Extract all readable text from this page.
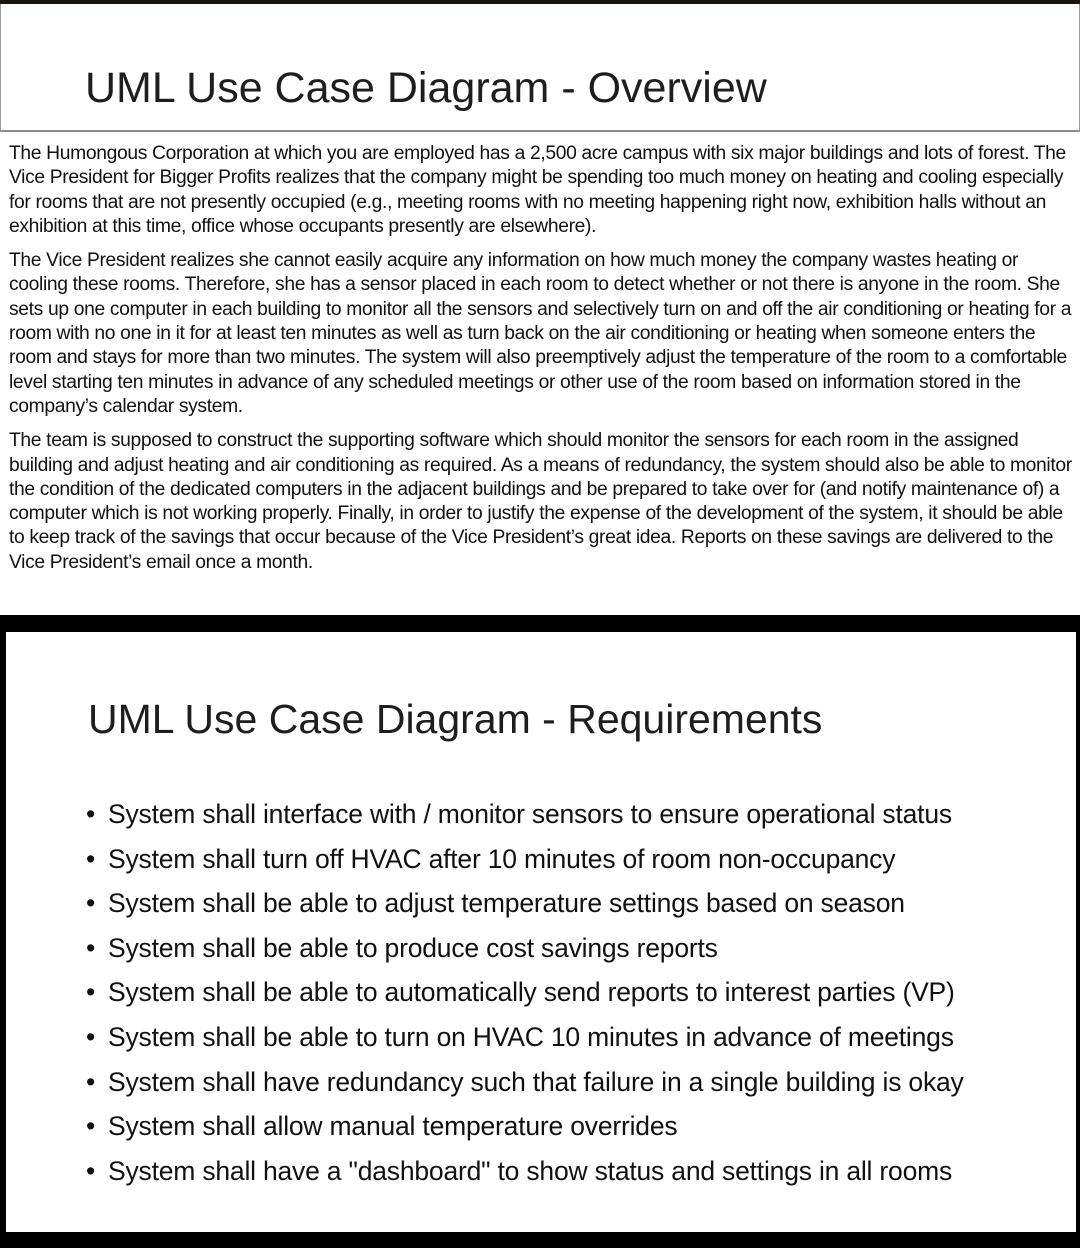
UML Use Case Diagram - Overview

The Humongous Corporation at which you are employed has a 2,500 acre campus with six major buildings and lots of forest. The Vice President for Bigger Profits realizes that the company might be spending too much money on heating and cooling especially for rooms that are not presently occupied (e.g., meeting rooms with no meeting happening right now, exhibition halls without an exhibition at this time, office whose occupants presently are elsewhere).

The Vice President realizes she cannot easily acquire any information on how much money the company wastes heating or cooling these rooms. Therefore, she has a sensor placed in each room to detect whether or not there is anyone in the room. She sets up one computer in each building to monitor all the sensors and selectively turn on and off the air conditioning or heating for a room with no one in it for at least ten minutes as well as turn back on the air conditioning or heating when someone enters the room and stays for more than two minutes. The system will also preemptively adjust the temperature of the room to a comfortable level starting ten minutes in advance of any scheduled meetings or other use of the room based on information stored in the company’s calendar system.

The team is supposed to construct the supporting software which should monitor the sensors for each room in the assigned building and adjust heating and air conditioning as required. As a means of redundancy, the system should also be able to monitor the condition of the dedicated computers in the adjacent buildings and be prepared to take over for (and notify maintenance of) a computer which is not working properly. Finally, in order to justify the expense of the development of the system, it should be able to keep track of the savings that occur because of the Vice President’s great idea. Reports on these savings are delivered to the Vice President’s email once a month.

UML Use Case Diagram - Requirements
• System shall interface with / monitor sensors to ensure operational status
• System shall turn off HVAC after 10 minutes of room non-occupancy
• System shall be able to adjust temperature settings based on season
• System shall be able to produce cost savings reports
• System shall be able to automatically send reports to interest parties (VP)
• System shall be able to turn on HVAC 10 minutes in advance of meetings
• System shall have redundancy such that failure in a single building is okay
• System shall allow manual temperature overrides
• System shall have a "dashboard" to show status and settings in all rooms
